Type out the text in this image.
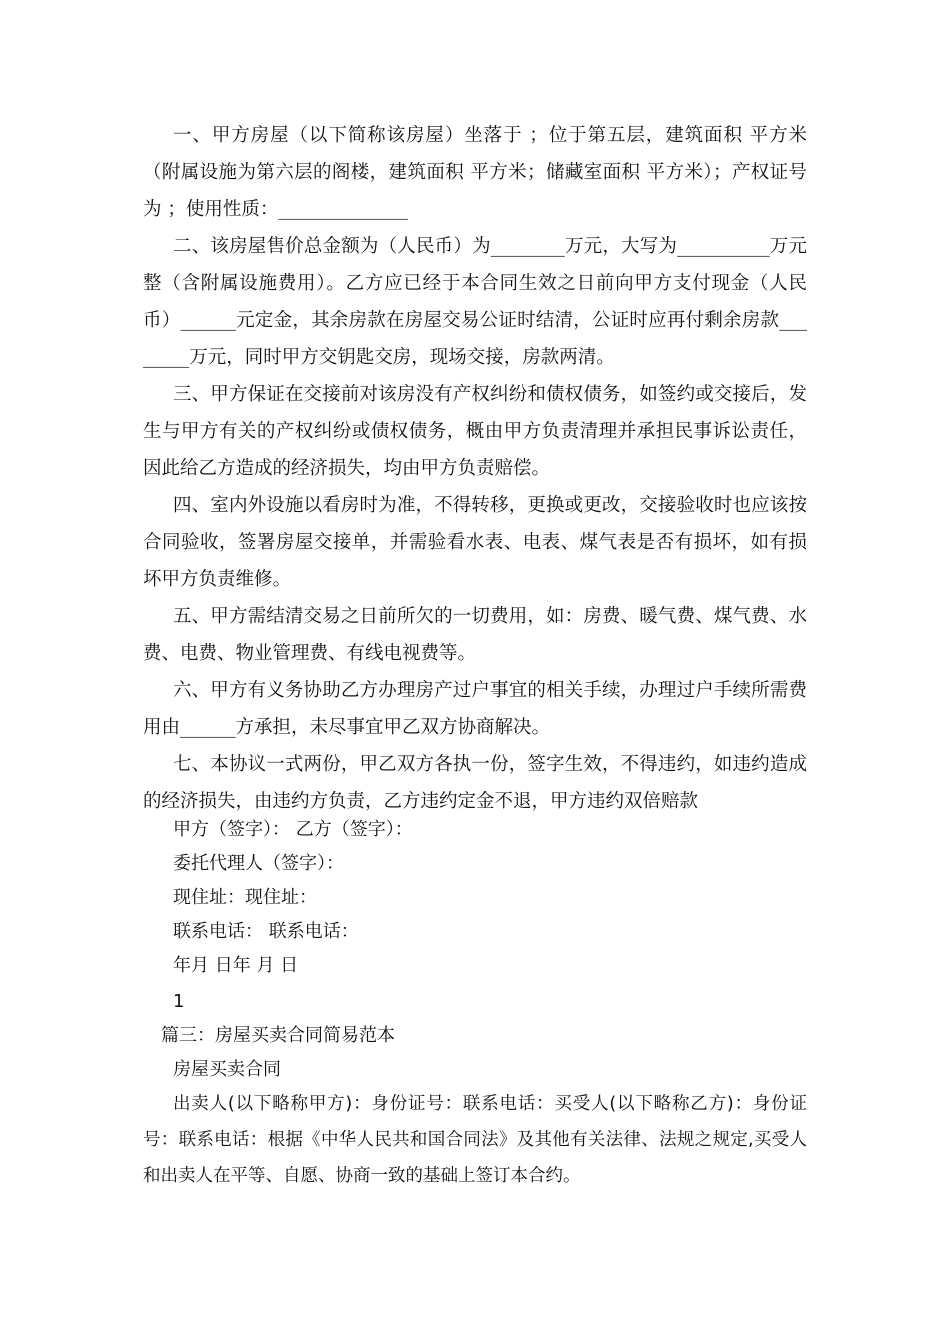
一、甲方房屋（以下简称该房屋）坐落于 ；位于第五层，建筑面积 平方米（附属设施为第六层的阁楼，建筑面积 平方米；储藏室面积 平方米）；产权证号为 ；使用性质：______________

二、该房屋售价总金额为（人民币）为________万元，大写为__________万元整（含附属设施费用）。乙方应已经于本合同生效之日前向甲方支付现金（人民币）______元定金，其余房款在房屋交易公证时结清，公证时应再付剩余房款________万元，同时甲方交钥匙交房，现场交接，房款两清。

三、甲方保证在交接前对该房没有产权纠纷和债权债务，如签约或交接后，发生与甲方有关的产权纠纷或债权债务，概由甲方负责清理并承担民事诉讼责任，因此给乙方造成的经济损失，均由甲方负责赔偿。

四、室内外设施以看房时为准，不得转移，更换或更改，交接验收时也应该按合同验收，签署房屋交接单，并需验看水表、电表、煤气表是否有损坏，如有损坏甲方负责维修。

五、甲方需结清交易之日前所欠的一切费用，如：房费、暖气费、煤气费、水费、电费、物业管理费、有线电视费等。

六、甲方有义务协助乙方办理房产过户事宜的相关手续，办理过户手续所需费用由______方承担，未尽事宜甲乙双方协商解决。

七、本协议一式两份，甲乙双方各执一份，签字生效，不得违约，如违约造成的经济损失，由违约方负责，乙方违约定金不退，甲方违约双倍赔款

甲方（签字）： 乙方（签字）：

委托代理人（签字）：

现住址：现住址：

联系电话： 联系电话：

年月 日年 月 日

1

篇三：房屋买卖合同简易范本

房屋买卖合同

出卖人(以下略称甲方)：身份证号：联系电话：买受人(以下略称乙方)：身份证号：联系电话：根据《中华人民共和国合同法》及其他有关法律、法规之规定,买受人和出卖人在平等、自愿、协商一致的基础上签订本合约。
